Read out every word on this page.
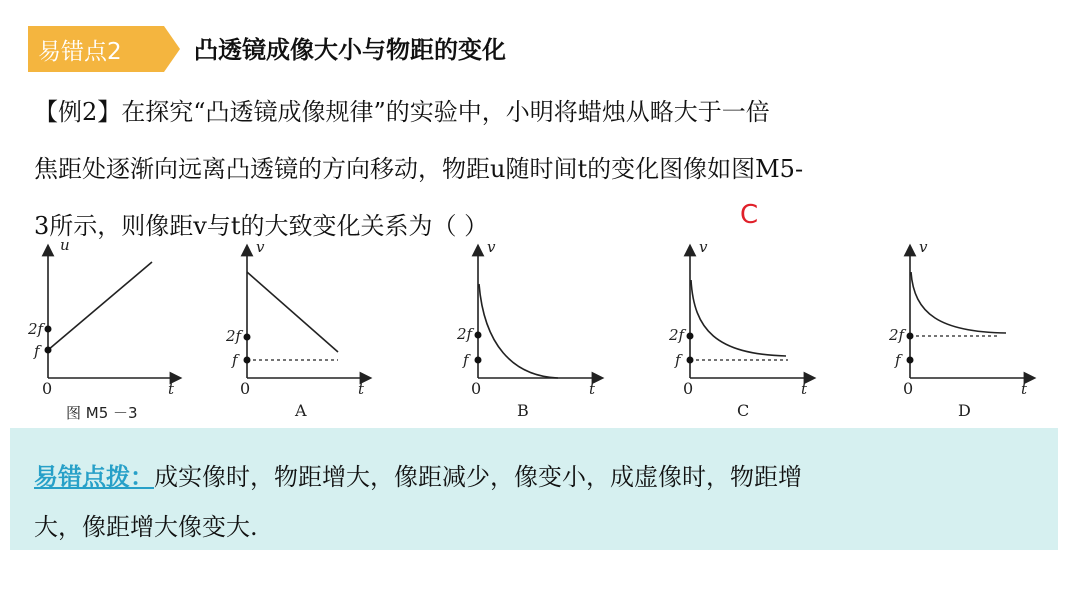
易错点2	凸透镜成像大小与物距的变化
【例2】在探究“凸透镜成像规律”的实验中，小明将蜡烛从略大于一倍
焦距处逐渐向远离凸透镜的方向移动，物距u随时间t的变化图像如图M5-
3所示，则像距v与t的大致变化关系为（ ）	C
u
t
0
2f
f
图 M5 －3
v
t
0
2f
f
A
v
t
0
2f
f
B
v
t
0
2f
f
C
v
t
0
2f
f
D
易错点拨：成实像时，物距增大，像距减少，像变小，成虚像时，物距增
大，像距增大像变大.
